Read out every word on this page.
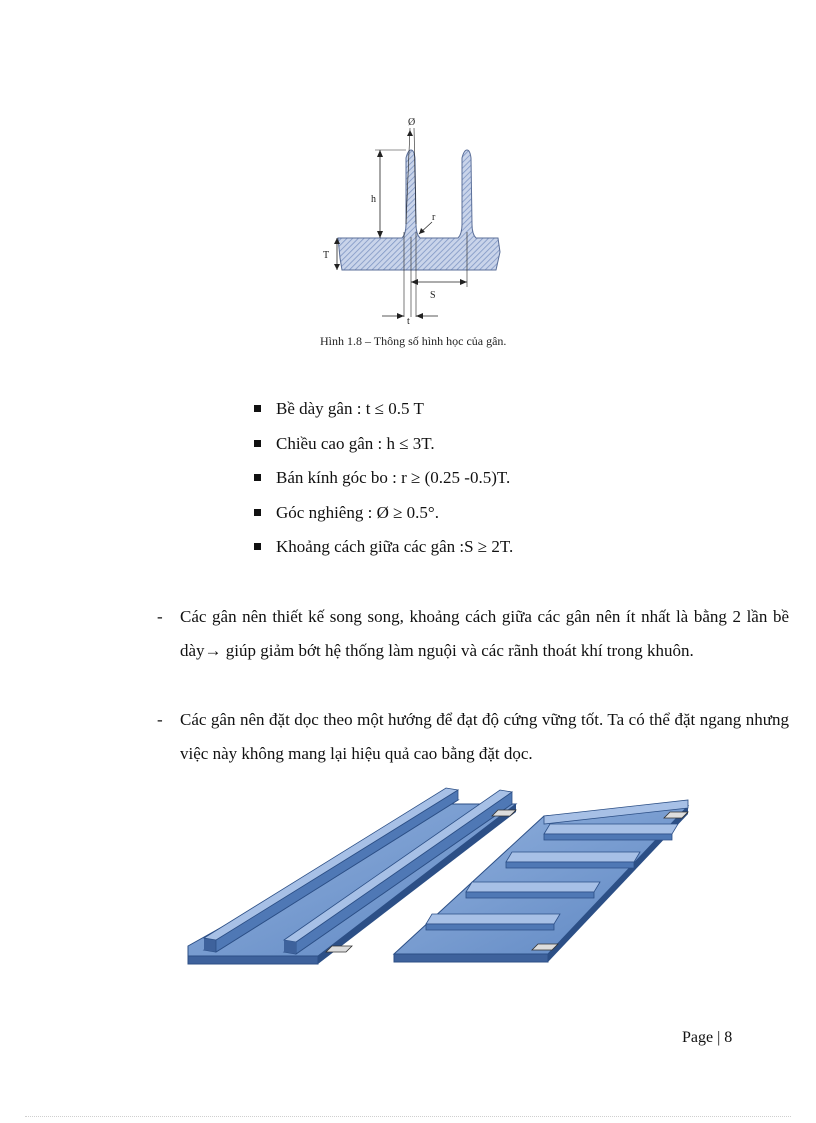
h
T
Ø
r
S
t
Hình 1.8 – Thông số hình học của gân.
Bề dày gân : t ≤ 0.5 T
Chiều cao gân : h ≤ 3T.
Bán kính góc bo : r ≥ (0.25 -0.5)T.
Góc nghiêng : Ø ≥ 0.5°.
Khoảng cách giữa các gân :S ≥ 2T.
- Các gân nên thiết kế song song, khoảng cách giữa các gân nên ít nhất là bằng 2 lần bề dày→ giúp giảm bớt hệ thống làm nguội và các rãnh thoát khí trong khuôn.
- Các gân nên đặt dọc theo một hướng để đạt độ cứng vững tốt. Ta có thể đặt ngang nhưng việc này không mang lại hiệu quả cao bằng đặt dọc.
Page | 8
